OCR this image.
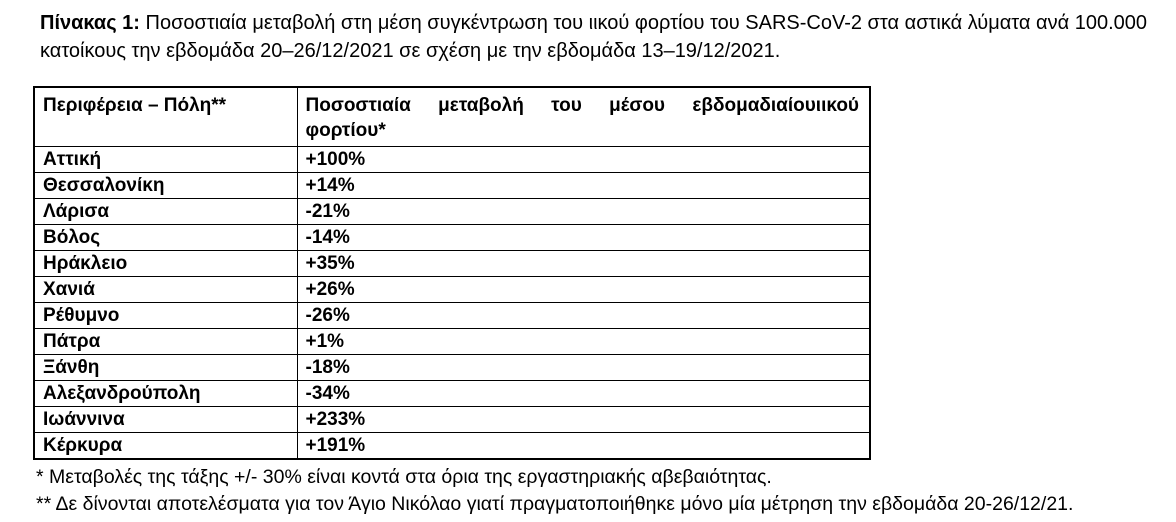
Πίνακας 1: Ποσοστιαία μεταβολή στη μέση συγκέντρωση του ιικού φορτίου του SARS-CoV-2 στα αστικά λύματα ανά 100.000
κατοίκους την εβδομάδα 20–26/12/2021 σε σχέση με την εβδομάδα 13–19/12/2021.

Περιφέρεια – Πόλη**	Ποσοστιαία μεταβολή του μέσου εβδομαδιαίουιικού
φορτίου*

Αττική	+100%
Θεσσαλονίκη	+14%
Λάρισα	-21%
Βόλος	-14%
Ηράκλειο	+35%
Χανιά	+26%
Ρέθυμνο	-26%
Πάτρα	+1%
Ξάνθη	-18%
Αλεξανδρούπολη	-34%
Ιωάννινα	+233%
Κέρκυρα	+191%

* Μεταβολές της τάξης +/- 30% είναι κοντά στα όρια της εργαστηριακής αβεβαιότητας.

** Δε δίνονται αποτελέσματα για τον Άγιο Νικόλαο γιατί πραγματοποιήθηκε μόνο μία μέτρηση την εβδομάδα 20-26/12/21.
